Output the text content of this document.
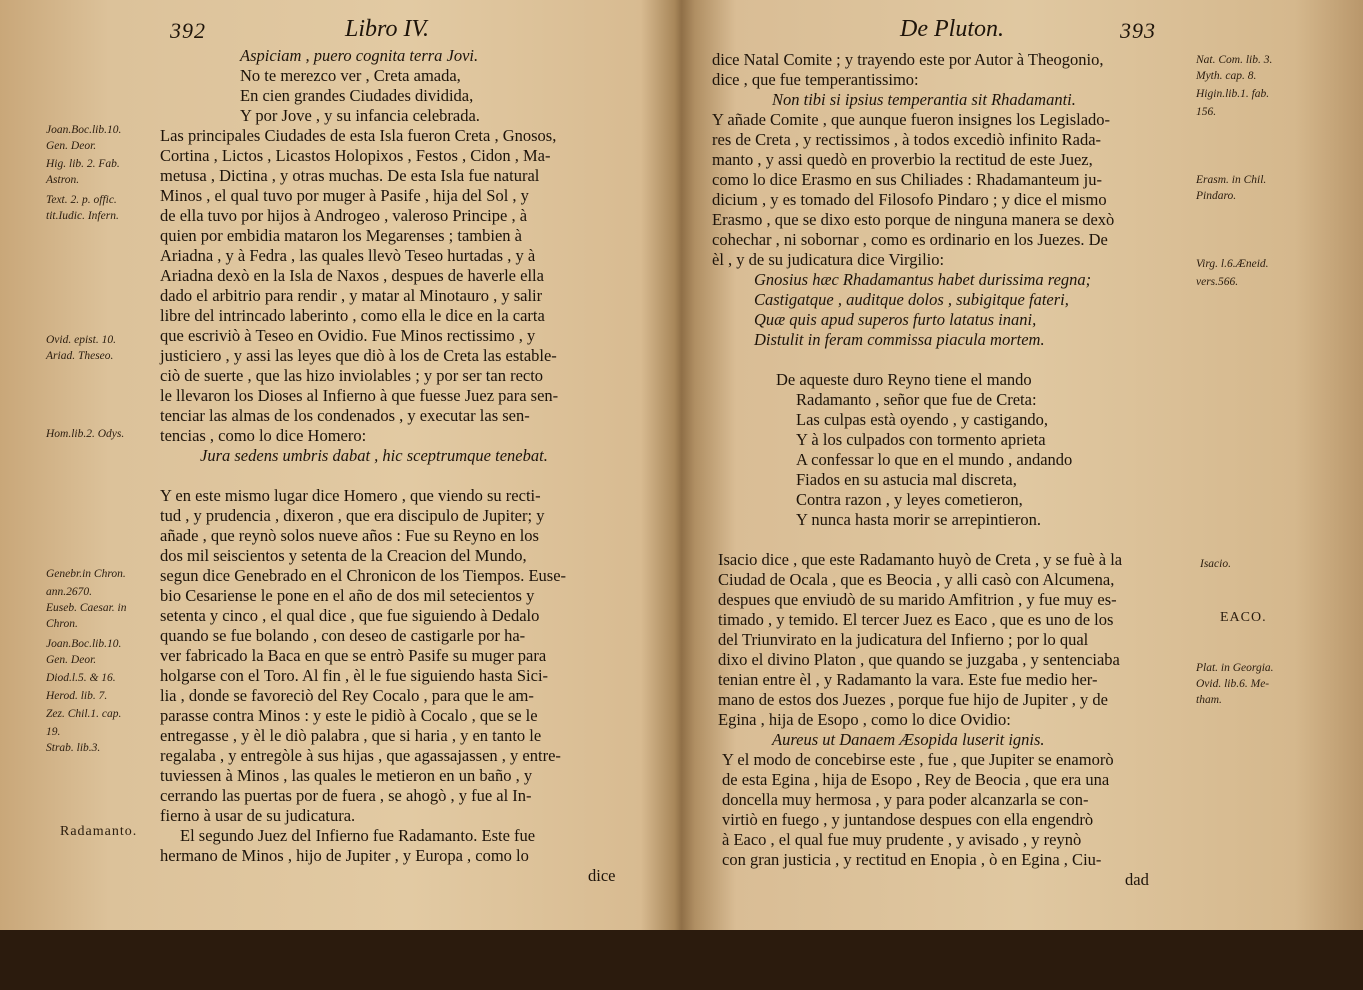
392	Libro IV.
Joan.Boc.lib.10.
Gen. Deor.
Hig. lib. 2. Fab.
Astron.
Text. 2. p. offic.
tit.Iudic. Infern.
Ovid. epist. 10.
Ariad. Theseo.
Hom.lib.2. Odys.
Genebr.in Chron.
ann.2670.
Euseb. Caesar. in
Chron.
Joan.Boc.lib.10.
Gen. Deor.
Diod.l.5. & 16.
Herod. lib. 7.
Zez. Chil.1. cap.
19.
Strab. lib.3.
Radamanto.
Aspiciam , puero cognita terra Jovi.
No te merezco ver , Creta amada,
En cien grandes Ciudades dividida,
Y por Jove , y su infancia celebrada.
Las principales Ciudades de esta Isla fueron Creta , Gnosos,
Cortina , Lictos , Licastos Holopixos , Festos , Cidon , Ma-
metusa , Dictina , y otras muchas. De esta Isla fue natural
Minos , el qual tuvo por muger à Pasife , hija del Sol , y
de ella tuvo por hijos à Androgeo , valeroso Principe , à
quien por embidia mataron los Megarenses ; tambien à
Ariadna , y à Fedra , las quales llevò Teseo hurtadas , y à
Ariadna dexò en la Isla de Naxos , despues de haverle ella
dado el arbitrio para rendir , y matar al Minotauro , y salir
libre del intrincado laberinto , como ella le dice en la carta
que escriviò à Teseo en Ovidio. Fue Minos rectissimo , y
justiciero , y assi las leyes que diò à los de Creta las estable-
ciò de suerte , que las hizo inviolables ; y por ser tan recto
le llevaron los Dioses al Infierno à que fuesse Juez para sen-
tenciar las almas de los condenados , y executar las sen-
tencias , como lo dice Homero:
Jura sedens umbris dabat , hic sceptrumque tenebat.
Y en este mismo lugar dice Homero , que viendo su recti-
tud , y prudencia , dixeron , que era discipulo de Jupiter; y
añade , que reynò solos nueve años : Fue su Reyno en los
dos mil seiscientos y setenta de la Creacion del Mundo,
segun dice Genebrado en el Chronicon de los Tiempos. Euse-
bio Cesariense le pone en el año de dos mil setecientos y
setenta y cinco , el qual dice , que fue siguiendo à Dedalo
quando se fue bolando , con deseo de castigarle por ha-
ver fabricado la Baca en que se entrò Pasife su muger para
holgarse con el Toro. Al fin , èl le fue siguiendo hasta Sici-
lia , donde se favoreciò del Rey Cocalo , para que le am-
parasse contra Minos : y este le pidiò à Cocalo , que se le
entregasse , y èl le diò palabra , que si haria , y en tanto le
regalaba , y entregòle à sus hijas , que agassajassen , y entre-
tuviessen à Minos , las quales le metieron en un baño , y
cerrando las puertas por de fuera , se ahogò , y fue al In-
fierno à usar de su judicatura.
El segundo Juez del Infierno fue Radamanto. Este fue
hermano de Minos , hijo de Jupiter , y Europa , como lo
dice
De Pluton.	393
dice Natal Comite ; y trayendo este por Autor à Theogonio,
dice , que fue temperantissimo:
Non tibi si ipsius temperantia sit Rhadamanti.
Y añade Comite , que aunque fueron insignes los Legislado-
res de Creta , y rectissimos , à todos excediò infinito Rada-
manto , y assi quedò en proverbio la rectitud de este Juez,
como lo dice Erasmo en sus Chiliades : Rhadamanteum ju-
dicium , y es tomado del Filosofo Pindaro ; y dice el mismo
Erasmo , que se dixo esto porque de ninguna manera se dexò
cohechar , ni sobornar , como es ordinario en los Juezes. De
èl , y de su judicatura dice Virgilio:
Gnosius hæc Rhadamantus habet durissima regna;
Castigatque , auditque dolos , subigitque fateri,
Quæ quis apud superos furto latatus inani,
Distulit in feram commissa piacula mortem.
De aqueste duro Reyno tiene el mando
Radamanto , señor que fue de Creta:
Las culpas està oyendo , y castigando,
Y à los culpados con tormento aprieta
A confessar lo que en el mundo , andando
Fiados en su astucia mal discreta,
Contra razon , y leyes cometieron,
Y nunca hasta morir se arrepintieron.
Isacio dice , que este Radamanto huyò de Creta , y se fuè à la
Ciudad de Ocala , que es Beocia , y alli casò con Alcumena,
despues que enviudò de su marido Amfitrion , y fue muy es-
timado , y temido. El tercer Juez es Eaco , que es uno de los
del Triunvirato en la judicatura del Infierno ; por lo qual
dixo el divino Platon , que quando se juzgaba , y sentenciaba
tenian entre èl , y Radamanto la vara. Este fue medio her-
mano de estos dos Juezes , porque fue hijo de Jupiter , y de
Egina , hija de Esopo , como lo dice Ovidio:
Aureus ut Danaem Æsopida luserit ignis.
Y el modo de concebirse este , fue , que Jupiter se enamorò
de esta Egina , hija de Esopo , Rey de Beocia , que era una
doncella muy hermosa , y para poder alcanzarla se con-
virtiò en fuego , y juntandose despues con ella engendrò
à Eaco , el qual fue muy prudente , y avisado , y reynò
con gran justicia , y rectitud en Enopia , ò en Egina , Ciu-
dad
Nat. Com. lib. 3.
Myth. cap. 8.
Higin.lib.1. fab.
156.
Erasm. in Chil.
Pindaro.
Virg. l.6.Æneid.
vers.566.
Isacio.
EACO.
Plat. in Georgia.
Ovid. lib.6. Me-
tham.
